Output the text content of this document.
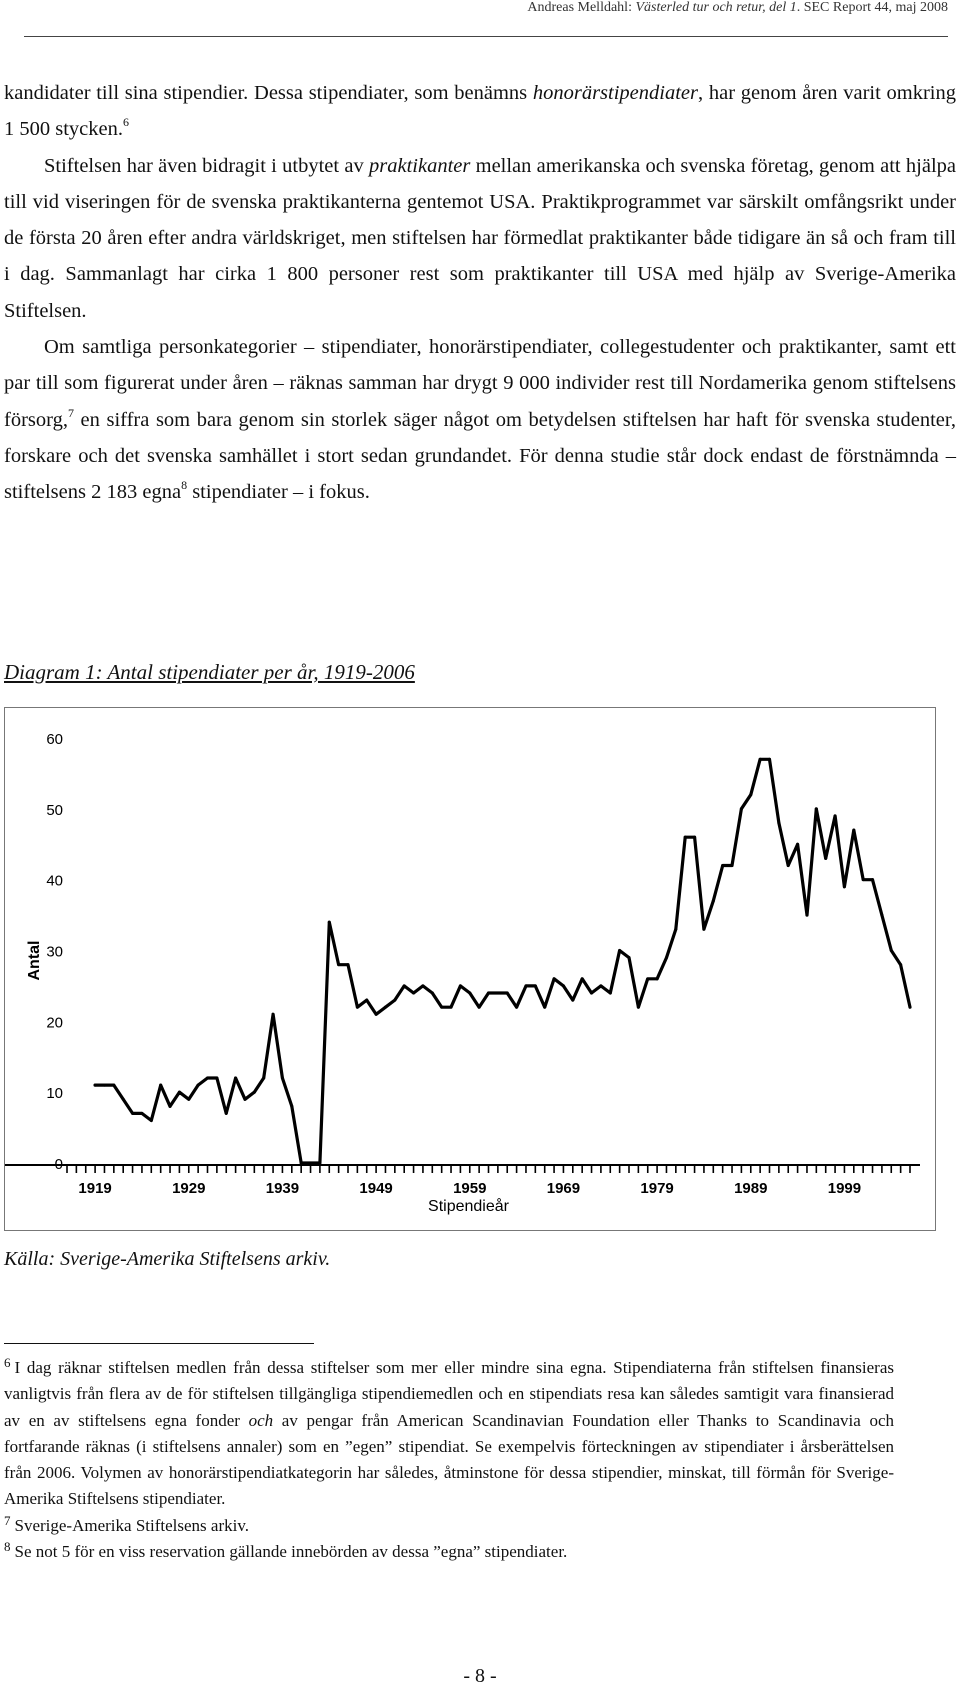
Andreas Melldahl: Västerled tur och retur, del 1. SEC Report 44, maj 2008

kandidater till sina stipendier. Dessa stipendiater, som benämns honorärstipendiater, har genom åren varit omkring 1 500 stycken.$^6$

Stiftelsen har även bidragit i utbytet av praktikanter mellan amerikanska och svenska företag, genom att hjälpa till vid viseringen för de svenska praktikanterna gentemot USA. Praktikprogrammet var särskilt omfångsrikt under de första 20 åren efter andra världskriget, men stiftelsen har förmedlat praktikanter både tidigare än så och fram till i dag. Sammanlagt har cirka 1 800 personer rest som praktikanter till USA med hjälp av Sverige-Amerika Stiftelsen.

Om samtliga personkategorier – stipendiater, honorärstipendiater, collegestudenter och praktikanter, samt ett par till som figurerat under åren – räknas samman har drygt 9 000 individer rest till Nordamerika genom stiftelsens försorg,$^7$ en siffra som bara genom sin storlek säger något om betydelsen stiftelsen har haft för svenska studenter, forskare och det svenska samhället i stort sedan grundandet. För denna studie står dock endast de förstnämnda – stiftelsens 2 183 egna$^8$ stipendiater – i fokus.

Diagram 1: Antal stipendiater per år, 1919-2006
0
10
20
30
40
50
60
1919	1929	1939	1949	1959	1969	1979	1989	1999
Stipendieår
Antal
Källa: Sverige-Amerika Stiftelsens arkiv.

$^6$ I dag räknar stiftelsen medlen från dessa stiftelser som mer eller mindre sina egna. Stipendiaterna från stiftelsen finansieras vanligtvis från flera av de för stiftelsen tillgängliga stipendiemedlen och en stipendiats resa kan således samtigit vara finansierad av en av stiftelsens egna fonder och av pengar från American Scandinavian Foundation eller Thanks to Scandinavia och fortfarande räknas (i stiftelsens annaler) som en ”egen” stipendiat. Se exempelvis förteckningen av stipendiater i årsberättelsen från 2006. Volymen av honorärstipendiatkategorin har således, åtminstone för dessa stipendier, minskat, till förmån för Sverige-Amerika Stiftelsens stipendiater.

$^7$ Sverige-Amerika Stiftelsens arkiv.

$^8$ Se not 5 för en viss reservation gällande innebörden av dessa ”egna” stipendiater.

- 8 -
